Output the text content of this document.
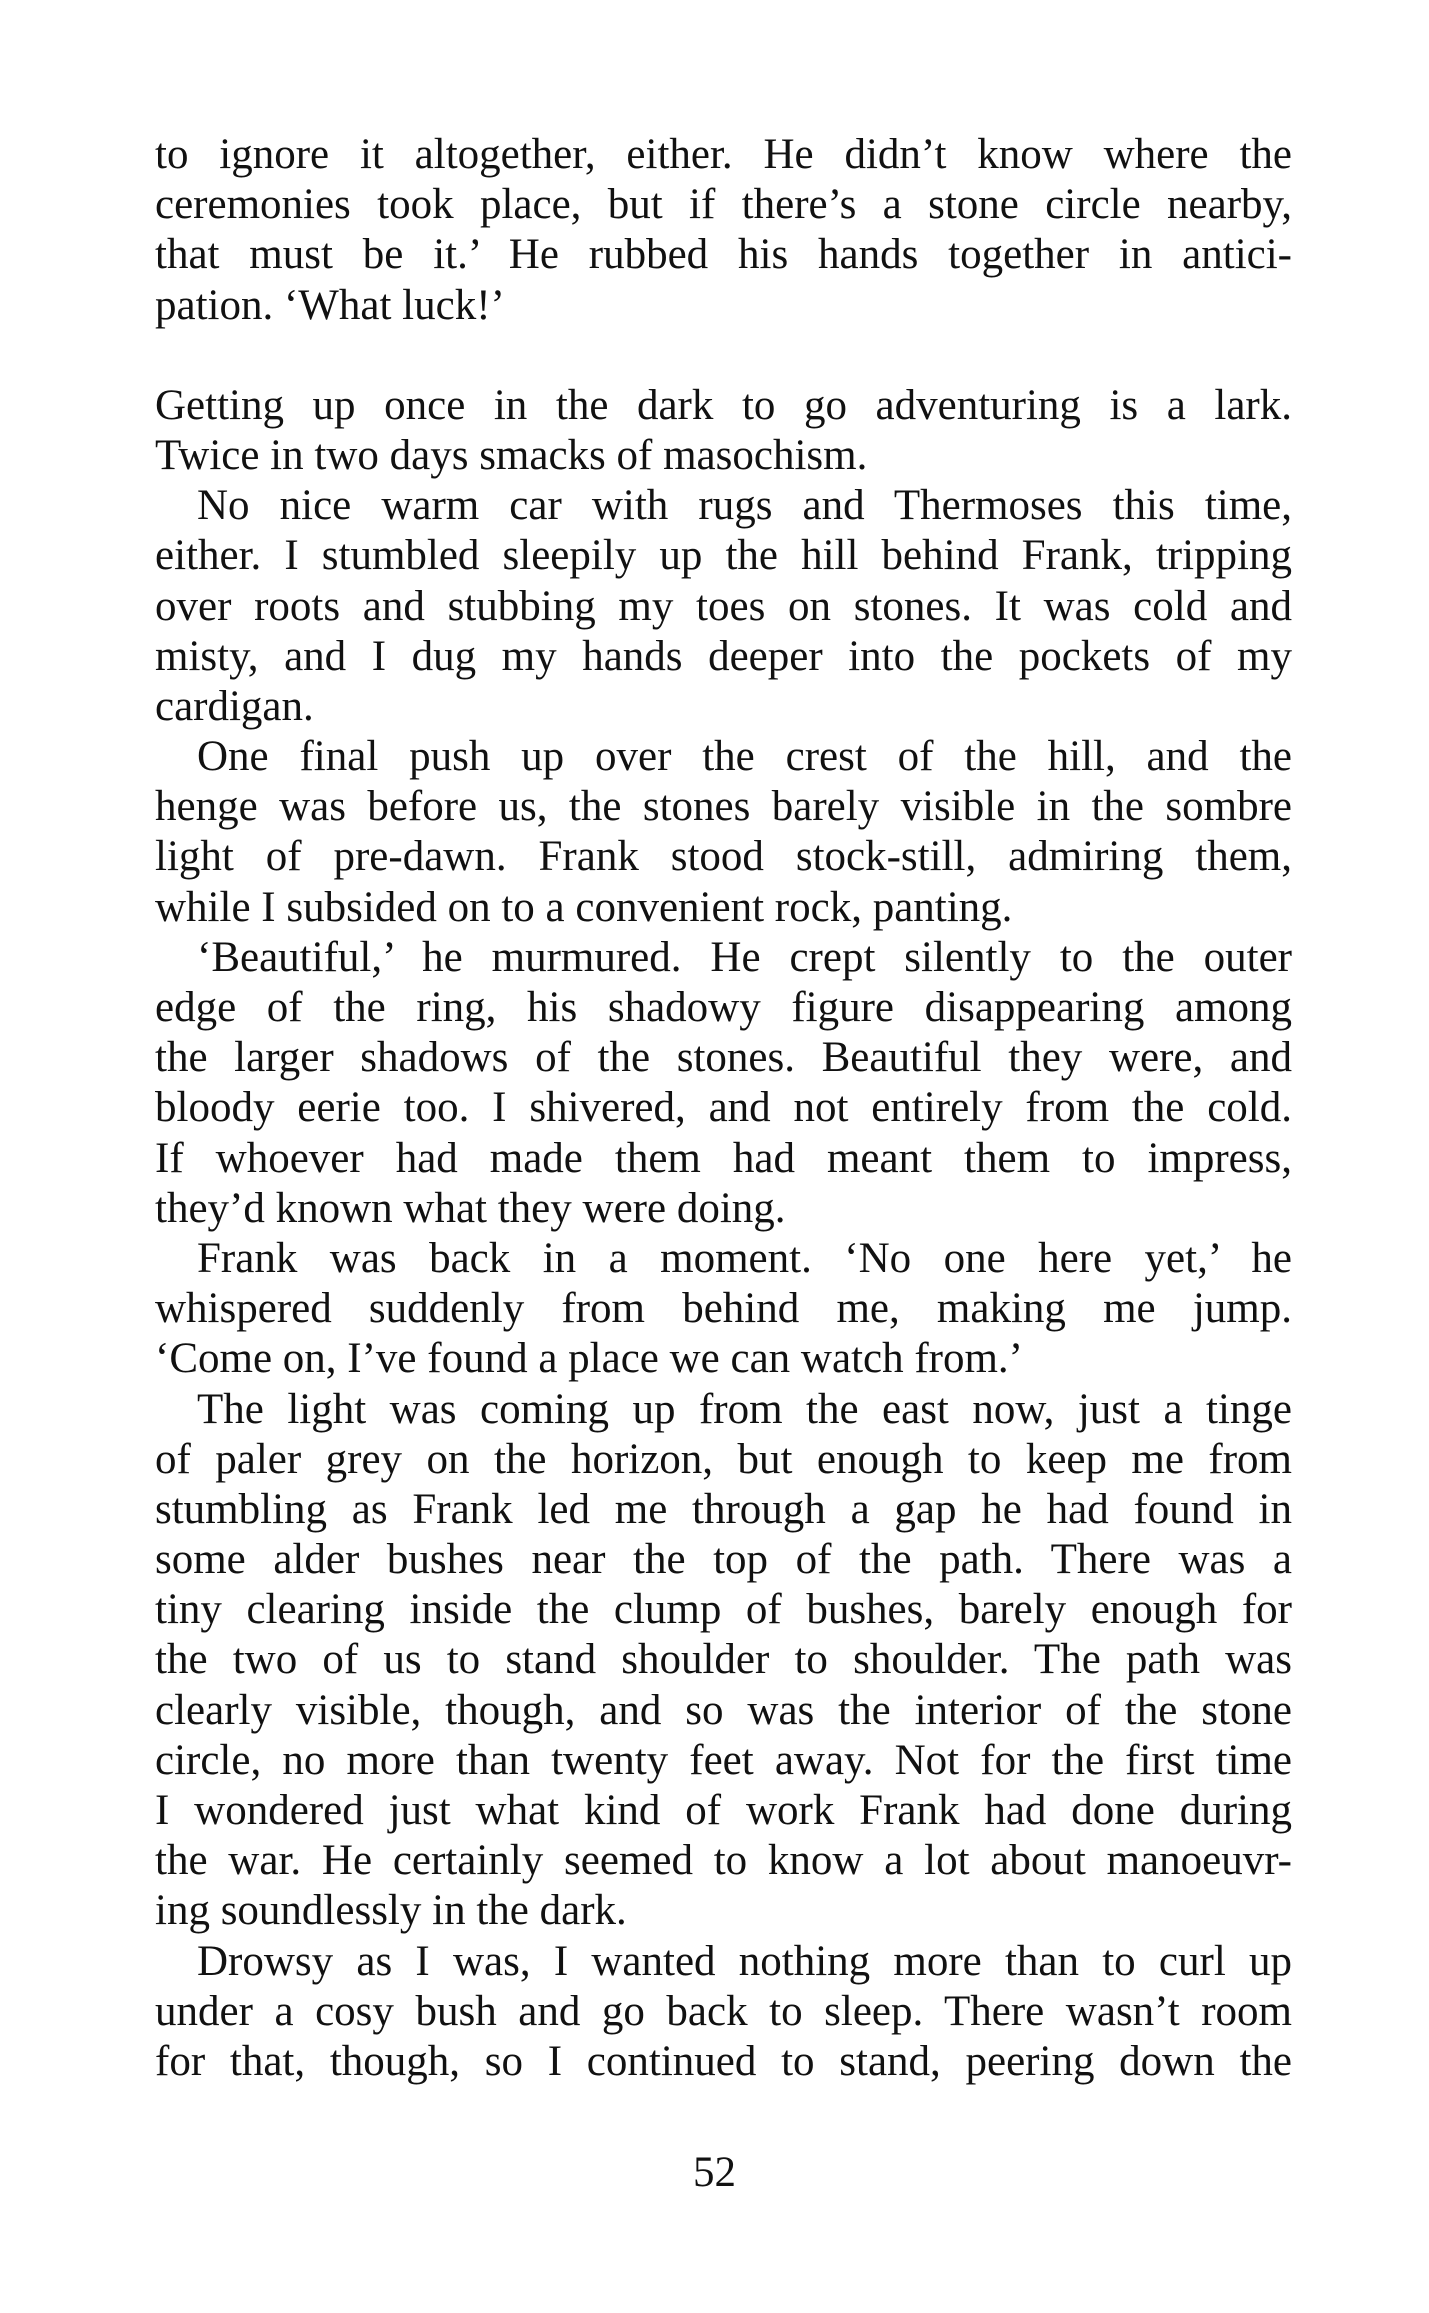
to ignore it altogether, either. He didn’t know where the
ceremonies took place, but if there’s a stone circle nearby,
that must be it.’ He rubbed his hands together in antici-
pation. ‘What luck!’
Getting up once in the dark to go adventuring is a lark.
Twice in two days smacks of masochism.
No nice warm car with rugs and Thermoses this time,
either. I stumbled sleepily up the hill behind Frank, tripping
over roots and stubbing my toes on stones. It was cold and
misty, and I dug my hands deeper into the pockets of my
cardigan.
One final push up over the crest of the hill, and the
henge was before us, the stones barely visible in the sombre
light of pre-dawn. Frank stood stock-still, admiring them,
while I subsided on to a convenient rock, panting.
‘Beautiful,’ he murmured. He crept silently to the outer
edge of the ring, his shadowy figure disappearing among
the larger shadows of the stones. Beautiful they were, and
bloody eerie too. I shivered, and not entirely from the cold.
If whoever had made them had meant them to impress,
they’d known what they were doing.
Frank was back in a moment. ‘No one here yet,’ he
whispered suddenly from behind me, making me jump.
‘Come on, I’ve found a place we can watch from.’
The light was coming up from the east now, just a tinge
of paler grey on the horizon, but enough to keep me from
stumbling as Frank led me through a gap he had found in
some alder bushes near the top of the path. There was a
tiny clearing inside the clump of bushes, barely enough for
the two of us to stand shoulder to shoulder. The path was
clearly visible, though, and so was the interior of the stone
circle, no more than twenty feet away. Not for the first time
I wondered just what kind of work Frank had done during
the war. He certainly seemed to know a lot about manoeuvr-
ing soundlessly in the dark.
Drowsy as I was, I wanted nothing more than to curl up
under a cosy bush and go back to sleep. There wasn’t room
for that, though, so I continued to stand, peering down the
52
